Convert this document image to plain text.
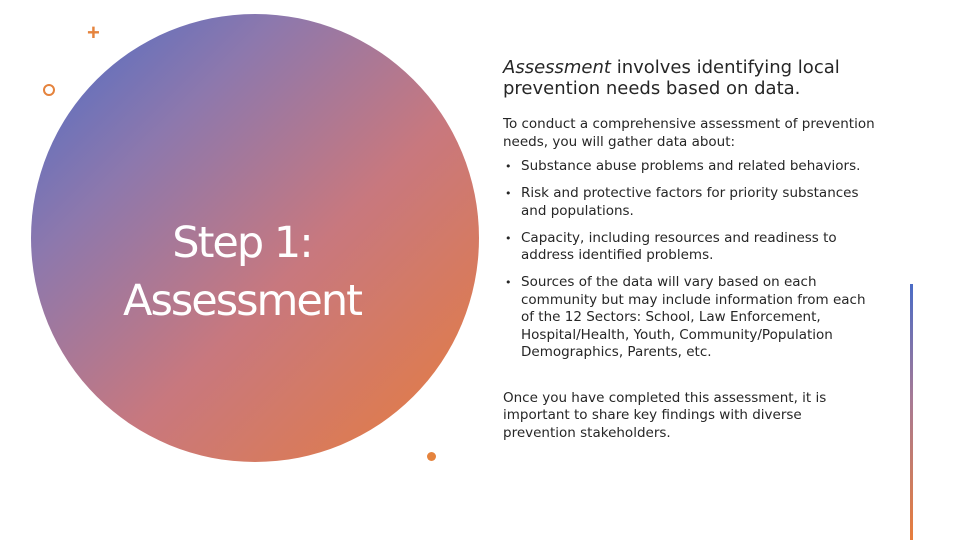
+
Step 1:
Assessment

Assessment involves identifying local prevention needs based on data.

To conduct a comprehensive assessment of prevention needs, you will gather data about:

• Substance abuse problems and related behaviors.
• Risk and protective factors for priority substances and populations.
• Capacity, including resources and readiness to address identified problems.
• Sources of the data will vary based on each community but may include information from each of the 12 Sectors: School, Law Enforcement, Hospital/Health, Youth, Community/Population Demographics, Parents, etc.

Once you have completed this assessment, it is important to share key findings with diverse prevention stakeholders.
